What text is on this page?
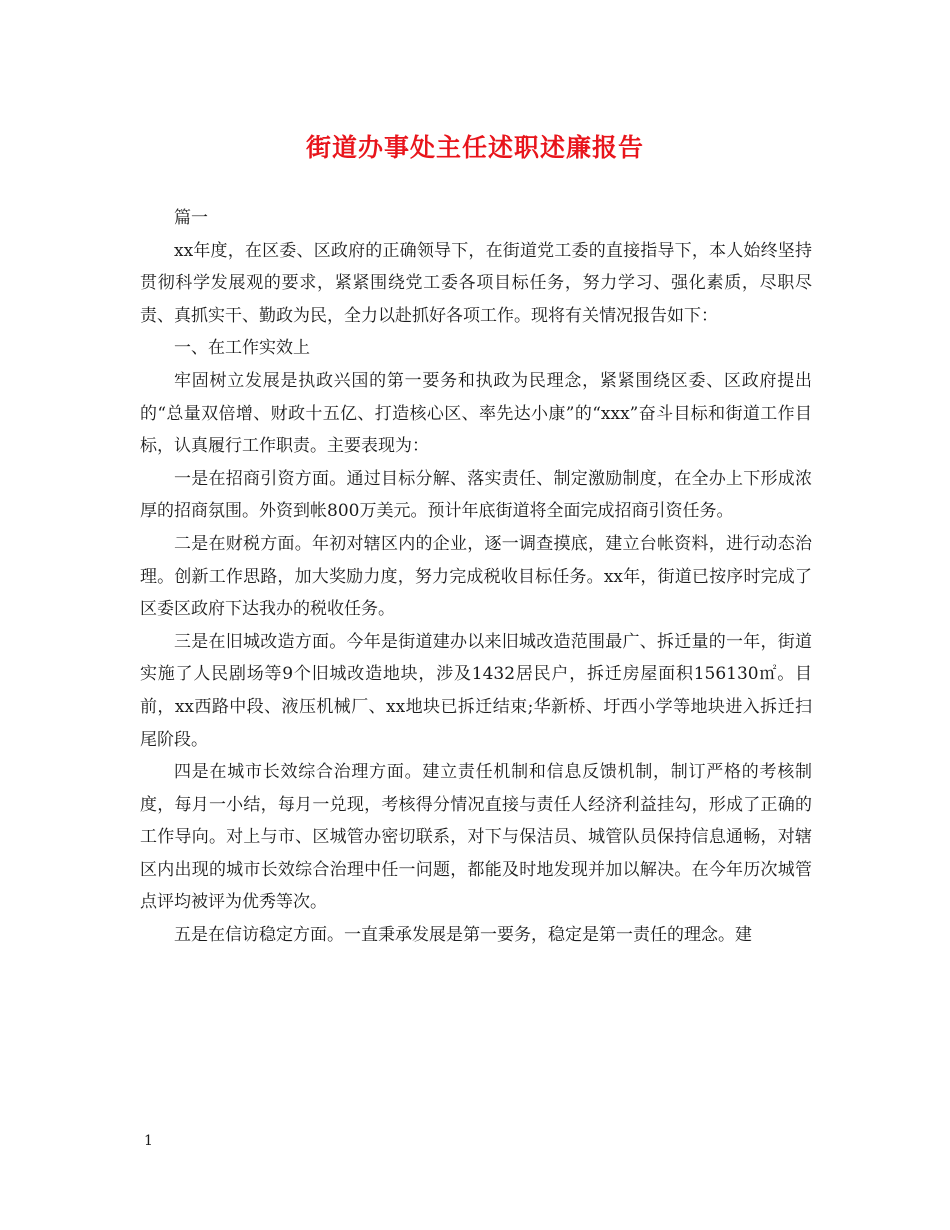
街道办事处主任述职述廉报告

篇一

xx年度，在区委、区政府的正确领导下，在街道党工委的直接指导下，本人始终坚持贯彻科学发展观的要求，紧紧围绕党工委各项目标任务，努力学习、强化素质，尽职尽责、真抓实干、勤政为民，全力以赴抓好各项工作。现将有关情况报告如下：

一、在工作实效上

牢固树立发展是执政兴国的第一要务和执政为民理念，紧紧围绕区委、区政府提出的“总量双倍增、财政十五亿、打造核心区、率先达小康”的“xxx”奋斗目标和街道工作目标，认真履行工作职责。主要表现为：

一是在招商引资方面。通过目标分解、落实责任、制定激励制度，在全办上下形成浓厚的招商氛围。外资到帐800万美元。预计年底街道将全面完成招商引资任务。

二是在财税方面。年初对辖区内的企业，逐一调查摸底，建立台帐资料，进行动态治理。创新工作思路，加大奖励力度，努力完成税收目标任务。xx年，街道已按序时完成了区委区政府下达我办的税收任务。

三是在旧城改造方面。今年是街道建办以来旧城改造范围最广、拆迁量的一年，街道实施了人民剧场等9个旧城改造地块，涉及1432居民户，拆迁房屋面积156130㎡。目前，xx西路中段、液压机械厂、xx地块已拆迁结束;华新桥、圩西小学等地块进入拆迁扫尾阶段。

四是在城市长效综合治理方面。建立责任机制和信息反馈机制，制订严格的考核制度，每月一小结，每月一兑现，考核得分情况直接与责任人经济利益挂勾，形成了正确的工作导向。对上与市、区城管办密切联系，对下与保洁员、城管队员保持信息通畅，对辖区内出现的城市长效综合治理中任一问题，都能及时地发现并加以解决。在今年历次城管点评均被评为优秀等次。

五是在信访稳定方面。一直秉承发展是第一要务，稳定是第一责任的理念。建

1
